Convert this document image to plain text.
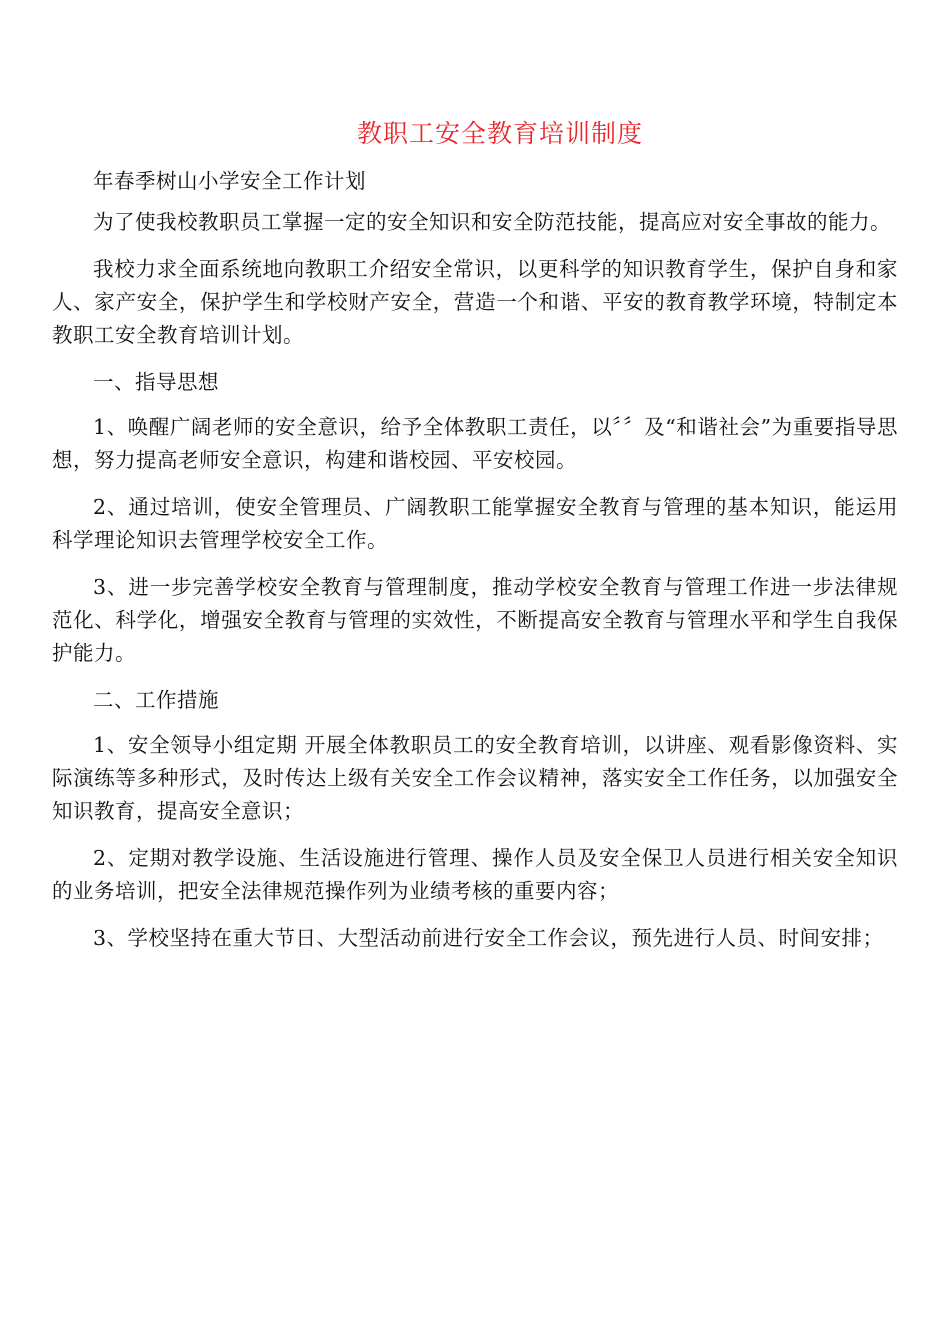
教职工安全教育培训制度

年春季树山小学安全工作计划

为了使我校教职员工掌握一定的安全知识和安全防范技能，提高应对安全事故的能力。

我校力求全面系统地向教职工介绍安全常识，以更科学的知识教育学生，保护自身和家人、家产安全，保护学生和学校财产安全，营造一个和谐、平安的教育教学环境，特制定本教职工安全教育培训计划。

一、指导思想

1、唤醒广阔老师的安全意识，给予全体教职工责任，以〞〞及“和谐社会”为重要指导思想，努力提高老师安全意识，构建和谐校园、平安校园。

2、通过培训，使安全管理员、广阔教职工能掌握安全教育与管理的基本知识，能运用科学理论知识去管理学校安全工作。

3、进一步完善学校安全教育与管理制度，推动学校安全教育与管理工作进一步法律规范化、科学化，增强安全教育与管理的实效性，不断提高安全教育与管理水平和学生自我保护能力。

二、工作措施

1、安全领导小组定期 开展全体教职员工的安全教育培训，以讲座、观看影像资料、实际演练等多种形式，及时传达上级有关安全工作会议精神，落实安全工作任务，以加强安全知识教育，提高安全意识；

2、定期对教学设施、生活设施进行管理、操作人员及安全保卫人员进行相关安全知识的业务培训，把安全法律规范操作列为业绩考核的重要内容；

3、学校坚持在重大节日、大型活动前进行安全工作会议，预先进行人员、时间安排；
